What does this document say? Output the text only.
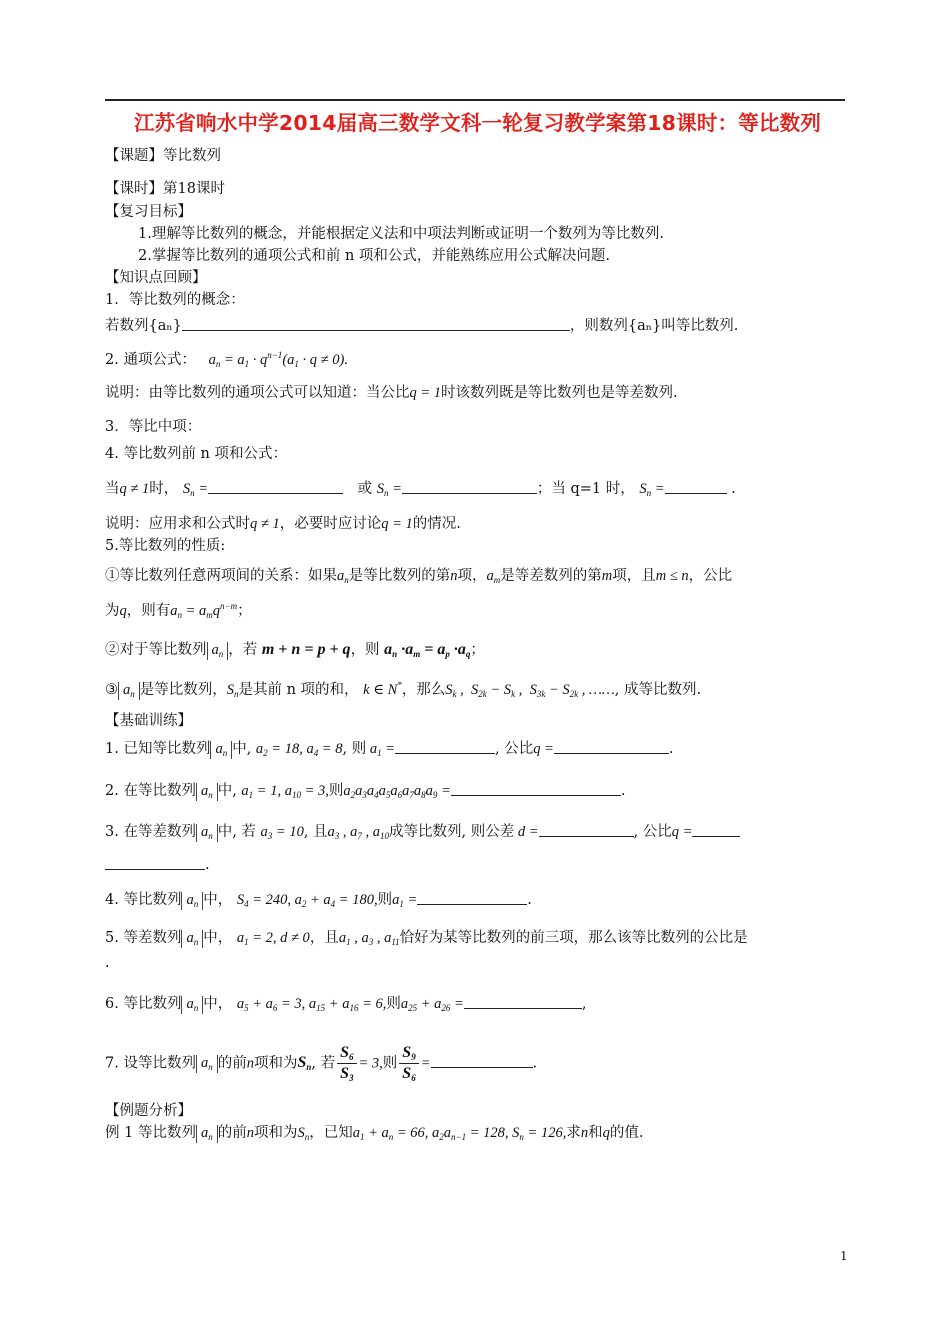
江苏省响水中学2014届高三数学文科一轮复习教学案第18课时：等比数列
【课题】等比数列
【课时】第18课时
【复习目标】
1.理解等比数列的概念，并能根据定义法和中项法判断或证明一个数列为等比数列.
2.掌握等比数列的通项公式和前 n 项和公式，并能熟练应用公式解决问题.
【知识点回顾】
1．等比数列的概念：
若数列{aₙ}	，则数列{aₙ}叫等比数列.
2. 通项公式： $a_n = a_1 \cdot q^{n-1}(a_1 \cdot q \ne 0)$.
说明：由等比数列的通项公式可以知道：当公比q = 1时该数列既是等比数列也是等差数列.
3．等比中项：
4. 等比数列前 n 项和公式：
当q ≠ 1时， $S_n$ =	或 $S_n$ =	；当 q=1 时， $S_n$ =	.
说明：应用求和公式时q ≠ 1，必要时应讨论q = 1的情况.
5.等比数列的性质:
①等比数列任意两项间的关系：如果$a_n$是等比数列的第n项，$a_m$是等差数列的第m项，且m ≤ n，公比
为q，则有$a_n = a_mq^{n-m}$；
②对于等比数列 $a_n$ ，若 m + n = p + q，则 $a_n \cdot a_m = a_p \cdot a_q$；
③ $a_n$ 是等比数列，$S_n$是其前 n 项的和， k ∈ N*，那么$S_k$ ,  $S_{2k} - S_k$ ,  $S_{3k} - S_{2k}$ , ……, 成等比数列.
【基础训练】
1. 已知等比数列 $a_n$ 中, $a_2 = 18$, $a_4 = 8$, 则 $a_1$ =	, 公比q =	.
2. 在等比数列 $a_n$ 中, $a_1 = 1$, $a_{10} = 3$,则$a_2a_3a_4a_5a_6a_7a_8a_9$ =	.
3. 在等差数列 $a_n$ 中, 若 $a_3 = 10$, 且$a_3$ , $a_7$ , $a_{10}$成等比数列, 则公差 d =	, 公比q =
.
4. 等比数列 $a_n$ 中， $S_4 = 240$, $a_2 + a_4 = 180$,则$a_1$ =	.
5. 等差数列 $a_n$ 中， $a_1 = 2$, d ≠ 0，且$a_1$ , $a_3$ , $a_{11}$恰好为某等比数列的前三项，那么该等比数列的公比是
.
6. 等比数列 $a_n$ 中， $a_5 + a_6 = 3$, $a_{15} + a_{16} = 6$,则$a_{25} + a_{26}$ =	,
7. 设等比数列 $a_n$ 的前n项和为$S_n$, 若 $\frac{S_6}{S_3} = 3$,则 $\frac{S_9}{S_6}$ =	.
【例题分析】
例 1 等比数列 $a_n$ 的前n项和为$S_n$，已知$a_1 + a_n = 66$, $a_2a_{n-1} = 128$, $S_n = 126$,求n和q的值.
1
